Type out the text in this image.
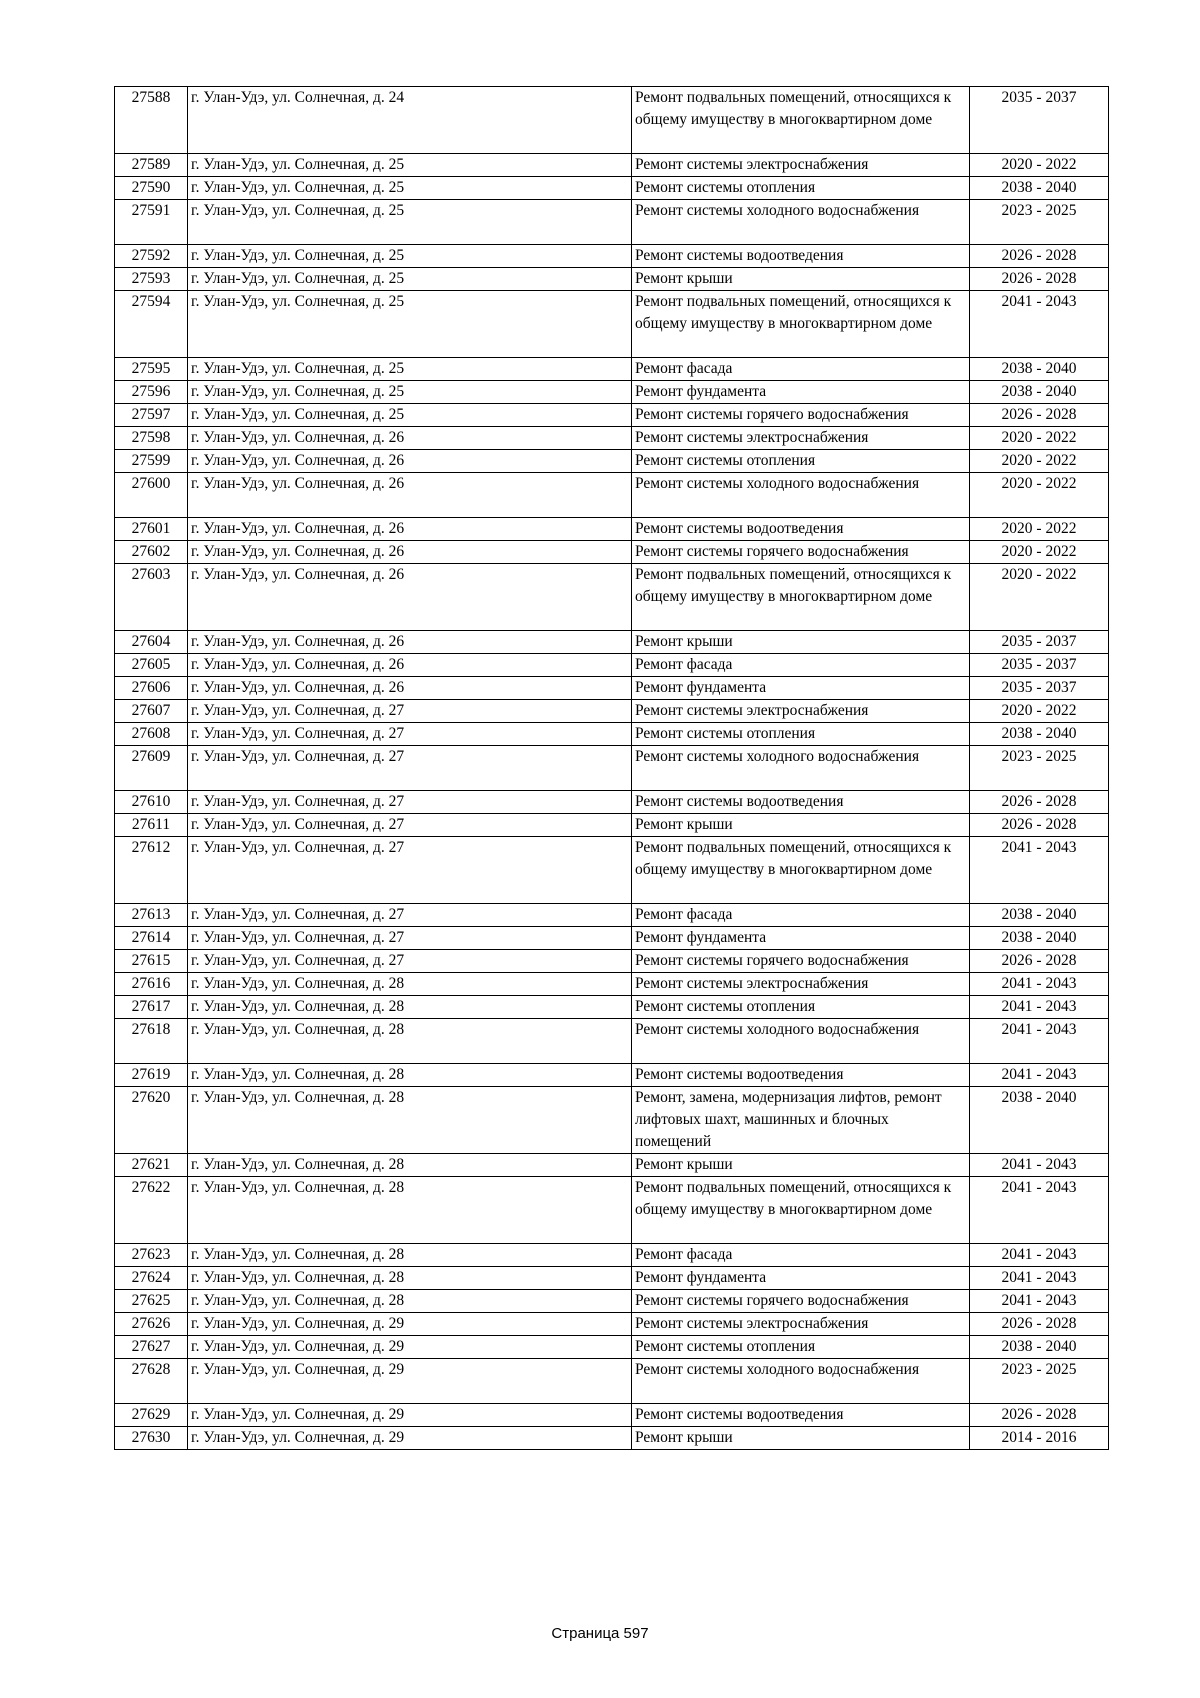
27588	г. Улан-Удэ, ул. Солнечная, д. 24	Ремонт подвальных помещений, относящихся к общему имуществу в многоквартирном доме	2035 - 2037
27589	г. Улан-Удэ, ул. Солнечная, д. 25	Ремонт системы электроснабжения	2020 - 2022
27590	г. Улан-Удэ, ул. Солнечная, д. 25	Ремонт системы отопления	2038 - 2040
27591	г. Улан-Удэ, ул. Солнечная, д. 25	Ремонт системы холодного водоснабжения	2023 - 2025
27592	г. Улан-Удэ, ул. Солнечная, д. 25	Ремонт системы водоотведения	2026 - 2028
27593	г. Улан-Удэ, ул. Солнечная, д. 25	Ремонт крыши	2026 - 2028
27594	г. Улан-Удэ, ул. Солнечная, д. 25	Ремонт подвальных помещений, относящихся к общему имуществу в многоквартирном доме	2041 - 2043
27595	г. Улан-Удэ, ул. Солнечная, д. 25	Ремонт фасада	2038 - 2040
27596	г. Улан-Удэ, ул. Солнечная, д. 25	Ремонт фундамента	2038 - 2040
27597	г. Улан-Удэ, ул. Солнечная, д. 25	Ремонт системы горячего водоснабжения	2026 - 2028
27598	г. Улан-Удэ, ул. Солнечная, д. 26	Ремонт системы электроснабжения	2020 - 2022
27599	г. Улан-Удэ, ул. Солнечная, д. 26	Ремонт системы отопления	2020 - 2022
27600	г. Улан-Удэ, ул. Солнечная, д. 26	Ремонт системы холодного водоснабжения	2020 - 2022
27601	г. Улан-Удэ, ул. Солнечная, д. 26	Ремонт системы водоотведения	2020 - 2022
27602	г. Улан-Удэ, ул. Солнечная, д. 26	Ремонт системы горячего водоснабжения	2020 - 2022
27603	г. Улан-Удэ, ул. Солнечная, д. 26	Ремонт подвальных помещений, относящихся к общему имуществу в многоквартирном доме	2020 - 2022
27604	г. Улан-Удэ, ул. Солнечная, д. 26	Ремонт крыши	2035 - 2037
27605	г. Улан-Удэ, ул. Солнечная, д. 26	Ремонт фасада	2035 - 2037
27606	г. Улан-Удэ, ул. Солнечная, д. 26	Ремонт фундамента	2035 - 2037
27607	г. Улан-Удэ, ул. Солнечная, д. 27	Ремонт системы электроснабжения	2020 - 2022
27608	г. Улан-Удэ, ул. Солнечная, д. 27	Ремонт системы отопления	2038 - 2040
27609	г. Улан-Удэ, ул. Солнечная, д. 27	Ремонт системы холодного водоснабжения	2023 - 2025
27610	г. Улан-Удэ, ул. Солнечная, д. 27	Ремонт системы водоотведения	2026 - 2028
27611	г. Улан-Удэ, ул. Солнечная, д. 27	Ремонт крыши	2026 - 2028
27612	г. Улан-Удэ, ул. Солнечная, д. 27	Ремонт подвальных помещений, относящихся к общему имуществу в многоквартирном доме	2041 - 2043
27613	г. Улан-Удэ, ул. Солнечная, д. 27	Ремонт фасада	2038 - 2040
27614	г. Улан-Удэ, ул. Солнечная, д. 27	Ремонт фундамента	2038 - 2040
27615	г. Улан-Удэ, ул. Солнечная, д. 27	Ремонт системы горячего водоснабжения	2026 - 2028
27616	г. Улан-Удэ, ул. Солнечная, д. 28	Ремонт системы электроснабжения	2041 - 2043
27617	г. Улан-Удэ, ул. Солнечная, д. 28	Ремонт системы отопления	2041 - 2043
27618	г. Улан-Удэ, ул. Солнечная, д. 28	Ремонт системы холодного водоснабжения	2041 - 2043
27619	г. Улан-Удэ, ул. Солнечная, д. 28	Ремонт системы водоотведения	2041 - 2043
27620	г. Улан-Удэ, ул. Солнечная, д. 28	Ремонт, замена, модернизация лифтов, ремонт лифтовых шахт, машинных и блочных помещений	2038 - 2040
27621	г. Улан-Удэ, ул. Солнечная, д. 28	Ремонт крыши	2041 - 2043
27622	г. Улан-Удэ, ул. Солнечная, д. 28	Ремонт подвальных помещений, относящихся к общему имуществу в многоквартирном доме	2041 - 2043
27623	г. Улан-Удэ, ул. Солнечная, д. 28	Ремонт фасада	2041 - 2043
27624	г. Улан-Удэ, ул. Солнечная, д. 28	Ремонт фундамента	2041 - 2043
27625	г. Улан-Удэ, ул. Солнечная, д. 28	Ремонт системы горячего водоснабжения	2041 - 2043
27626	г. Улан-Удэ, ул. Солнечная, д. 29	Ремонт системы электроснабжения	2026 - 2028
27627	г. Улан-Удэ, ул. Солнечная, д. 29	Ремонт системы отопления	2038 - 2040
27628	г. Улан-Удэ, ул. Солнечная, д. 29	Ремонт системы холодного водоснабжения	2023 - 2025
27629	г. Улан-Удэ, ул. Солнечная, д. 29	Ремонт системы водоотведения	2026 - 2028
27630	г. Улан-Удэ, ул. Солнечная, д. 29	Ремонт крыши	2014 - 2016
Страница 597
